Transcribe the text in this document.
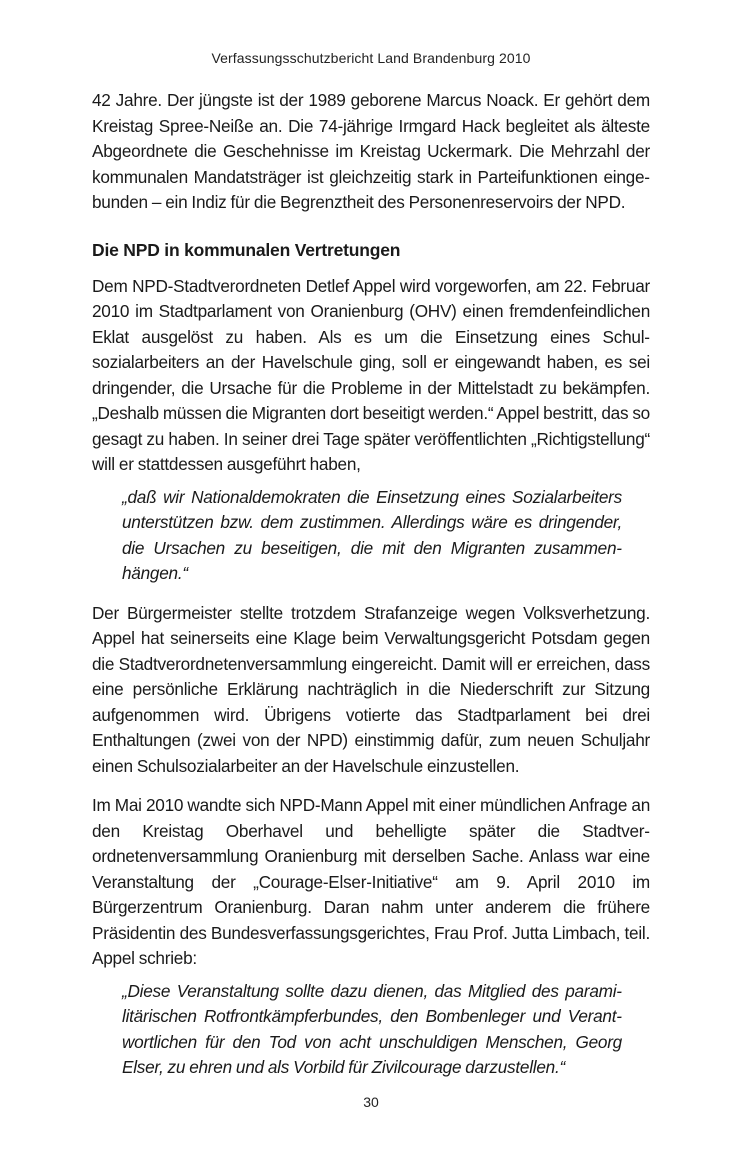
Verfassungsschutzbericht Land Brandenburg 2010

42 Jahre. Der jüngste ist der 1989 geborene Marcus Noack. Er gehört dem Kreistag Spree-Neiße an. Die 74-jährige Irmgard Hack begleitet als älteste Abgeordnete die Geschehnisse im Kreistag Uckermark. Die Mehrzahl der kommunalen Mandatsträger ist gleichzeitig stark in Parteifunktionen eingebunden – ein Indiz für die Begrenztheit des Personenreservoirs der NPD.

Die NPD in kommunalen Vertretungen

Dem NPD-Stadtverordneten Detlef Appel wird vorgeworfen, am 22. Februar 2010 im Stadtparlament von Oranienburg (OHV) einen fremdenfeindlichen Eklat ausgelöst zu haben. Als es um die Einsetzung eines Schulsozialarbeiters an der Havelschule ging, soll er eingewandt haben, es sei dringender, die Ursache für die Probleme in der Mittelstadt zu bekämpfen. „Deshalb müssen die Migranten dort beseitigt werden.“ Appel bestritt, das so gesagt zu haben. In seiner drei Tage später veröffentlichten „Richtigstellung“ will er stattdessen ausgeführt haben,

„daß wir Nationaldemokraten die Einsetzung eines Sozialarbeiters unterstützen bzw. dem zustimmen. Allerdings wäre es dringender, die Ursachen zu beseitigen, die mit den Migranten zusammenhängen.“

Der Bürgermeister stellte trotzdem Strafanzeige wegen Volksverhetzung. Appel hat seinerseits eine Klage beim Verwaltungsgericht Potsdam gegen die Stadtverordnetenversammlung eingereicht. Damit will er erreichen, dass eine persönliche Erklärung nachträglich in die Niederschrift zur Sitzung aufgenommen wird. Übrigens votierte das Stadtparlament bei drei Enthaltungen (zwei von der NPD) einstimmig dafür, zum neuen Schuljahr einen Schulsozialarbeiter an der Havelschule einzustellen.

Im Mai 2010 wandte sich NPD-Mann Appel mit einer mündlichen Anfrage an den Kreistag Oberhavel und behelligte später die Stadtverordnetenversammlung Oranienburg mit derselben Sache. Anlass war eine Veranstaltung der „Courage-Elser-Initiative“ am 9. April 2010 im Bürgerzentrum Oranienburg. Daran nahm unter anderem die frühere Präsidentin des Bundesverfassungsgerichtes, Frau Prof. Jutta Limbach, teil. Appel schrieb:

„Diese Veranstaltung sollte dazu dienen, das Mitglied des paramilitärischen Rotfrontkämpferbundes, den Bombenleger und Verantwortlichen für den Tod von acht unschuldigen Menschen, Georg Elser, zu ehren und als Vorbild für Zivilcourage darzustellen.“
30
